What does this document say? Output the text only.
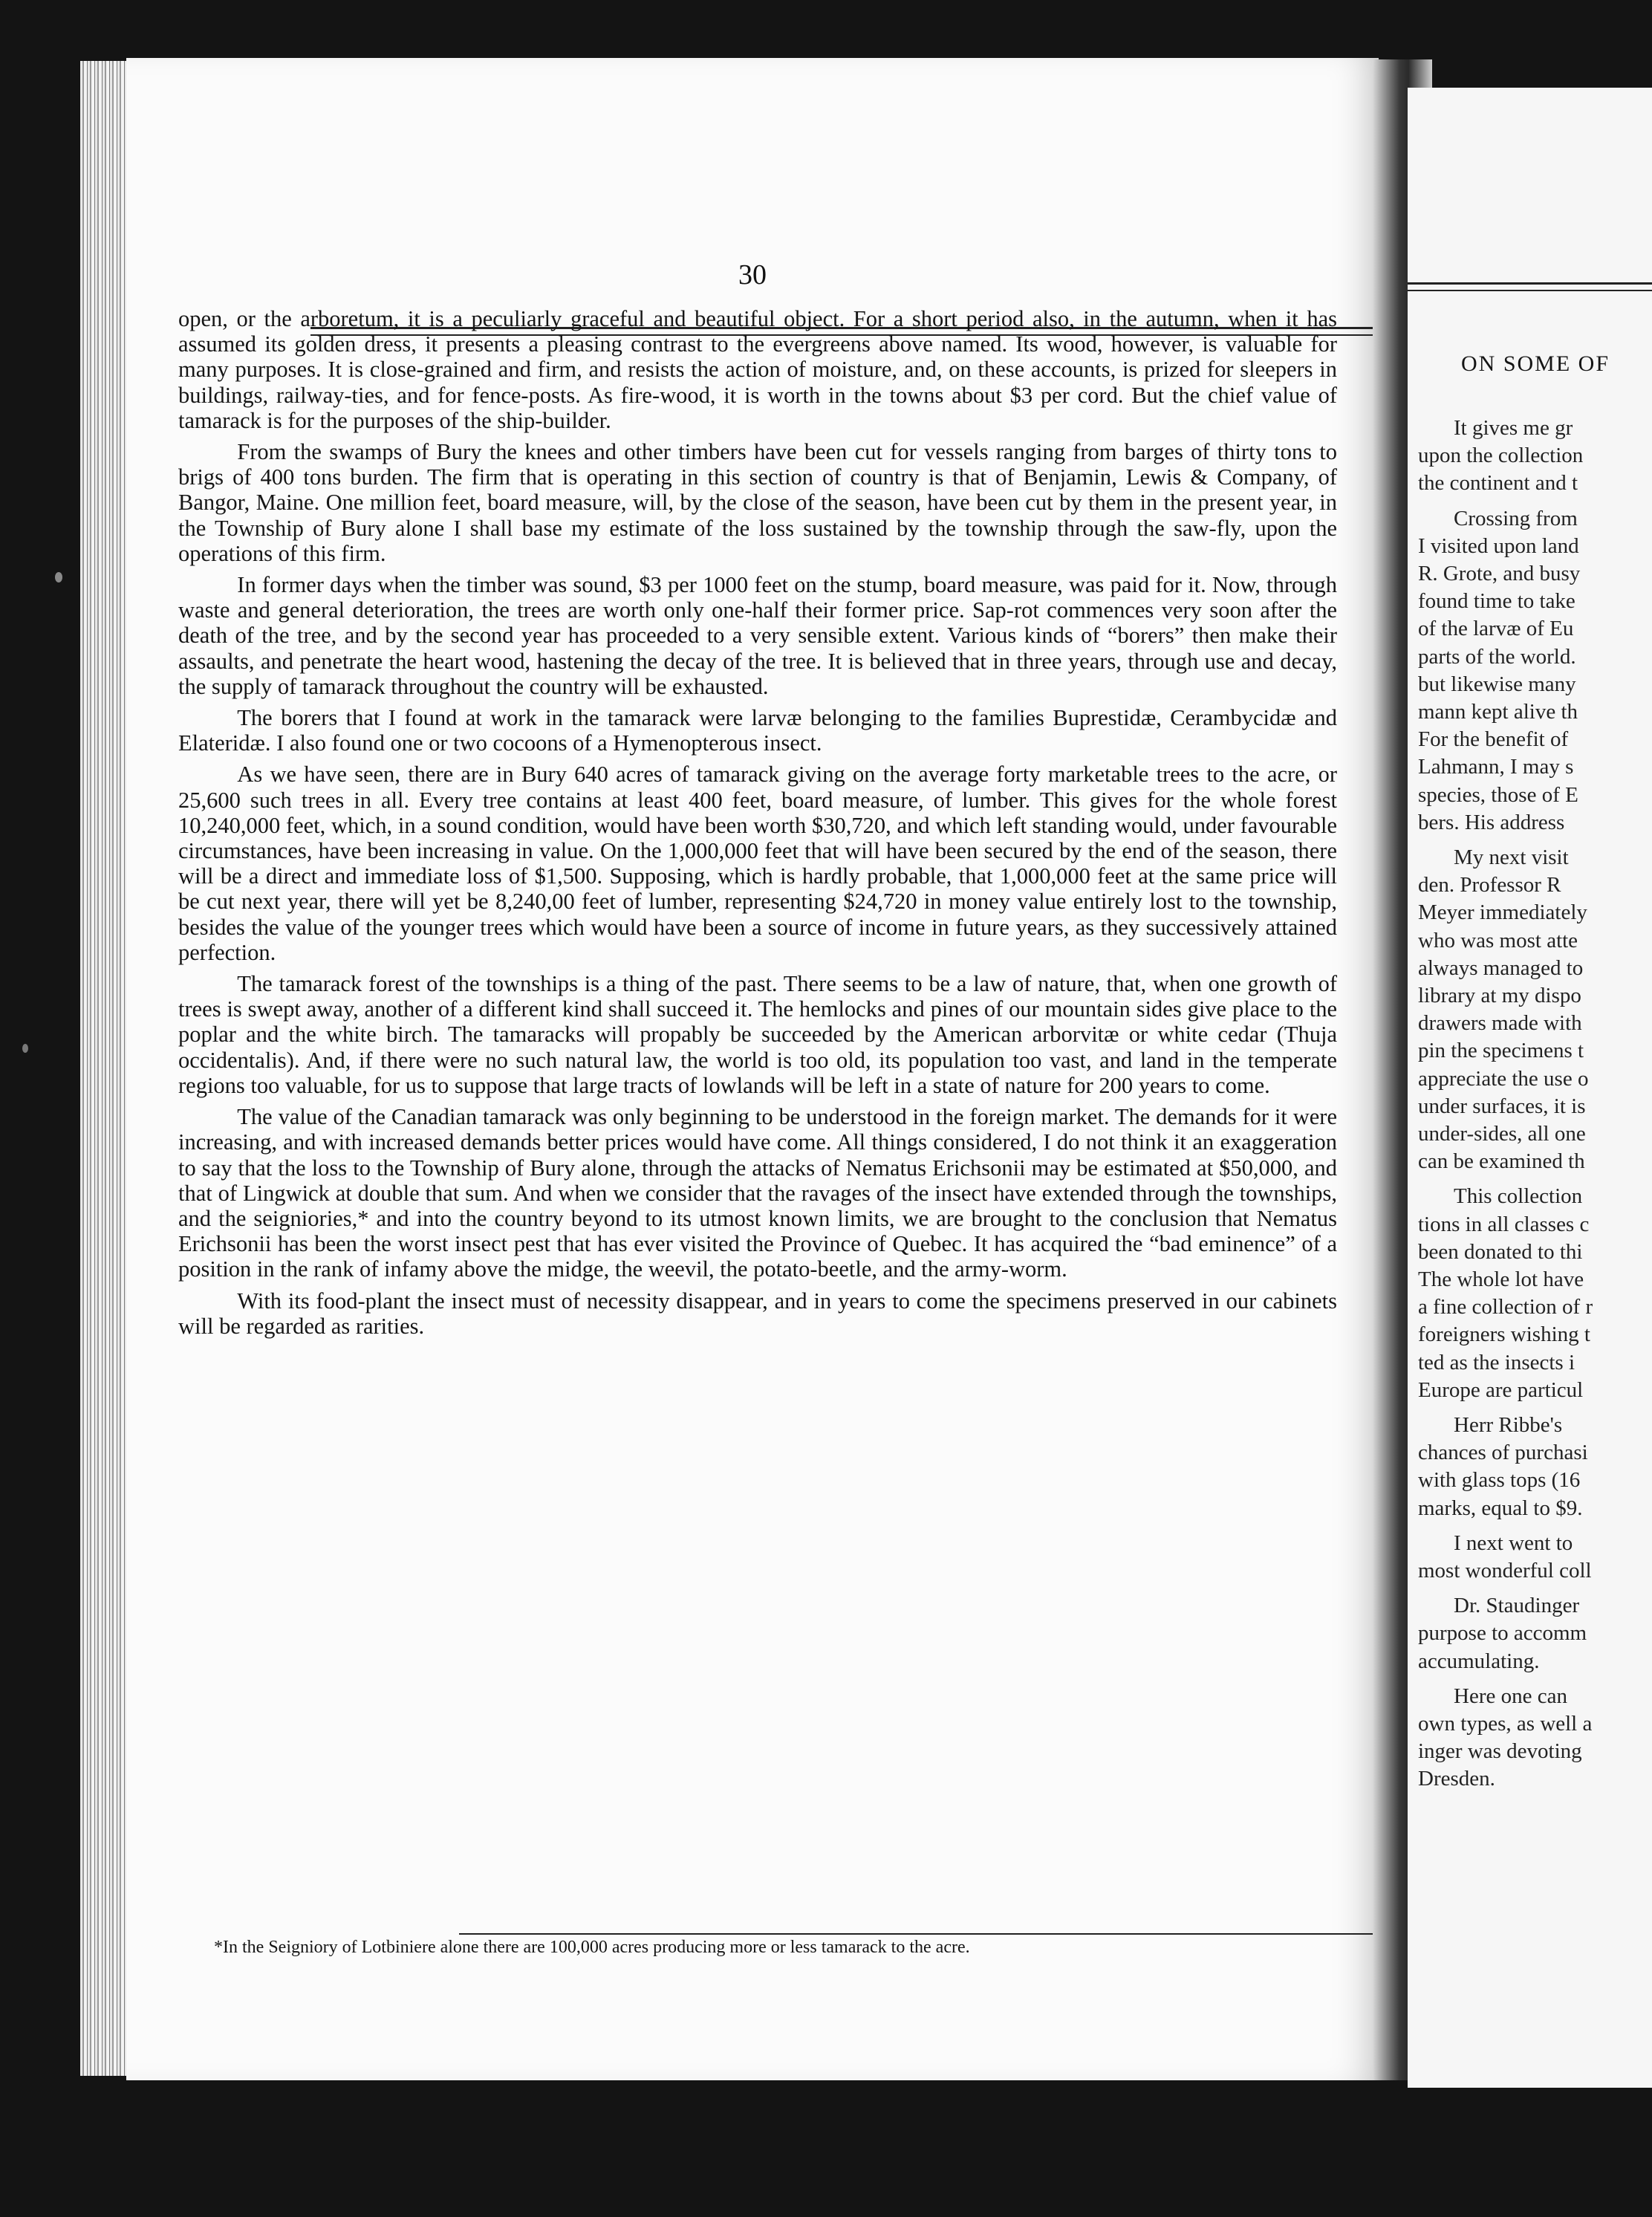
30

open, or the arboretum, it is a peculiarly graceful and beautiful object. For a short period also, in the autumn, when it has assumed its golden dress, it presents a pleasing contrast to the evergreens above named. Its wood, however, is valuable for many purposes. It is close-grained and firm, and resists the action of moisture, and, on these accounts, is prized for sleepers in buildings, railway-ties, and for fence-posts. As fire-wood, it is worth in the towns about $3 per cord. But the chief value of tamarack is for the purposes of the ship-builder.

From the swamps of Bury the knees and other timbers have been cut for vessels ranging from barges of thirty tons to brigs of 400 tons burden. The firm that is operating in this section of country is that of Benjamin, Lewis & Company, of Bangor, Maine. One million feet, board measure, will, by the close of the season, have been cut by them in the present year, in the Township of Bury alone I shall base my estimate of the loss sustained by the township through the saw-fly, upon the operations of this firm.

In former days when the timber was sound, $3 per 1000 feet on the stump, board measure, was paid for it. Now, through waste and general deterioration, the trees are worth only one-half their former price. Sap-rot commences very soon after the death of the tree, and by the second year has proceeded to a very sensible extent. Various kinds of “borers” then make their assaults, and penetrate the heart wood, hastening the decay of the tree. It is believed that in three years, through use and decay, the supply of tamarack throughout the country will be exhausted.

The borers that I found at work in the tamarack were larvæ belonging to the families Buprestidæ, Cerambycidæ and Elateridæ. I also found one or two cocoons of a Hymenopterous insect.

As we have seen, there are in Bury 640 acres of tamarack giving on the average forty marketable trees to the acre, or 25,600 such trees in all. Every tree contains at least 400 feet, board measure, of lumber. This gives for the whole forest 10,240,000 feet, which, in a sound condition, would have been worth $30,720, and which left standing would, under favourable circumstances, have been increasing in value. On the 1,000,000 feet that will have been secured by the end of the season, there will be a direct and immediate loss of $1,500. Supposing, which is hardly probable, that 1,000,000 feet at the same price will be cut next year, there will yet be 8,240,00 feet of lumber, representing $24,720 in money value entirely lost to the township, besides the value of the younger trees which would have been a source of income in future years, as they successively attained perfection.

The tamarack forest of the townships is a thing of the past. There seems to be a law of nature, that, when one growth of trees is swept away, another of a different kind shall succeed it. The hemlocks and pines of our mountain sides give place to the poplar and the white birch. The tamaracks will propably be succeeded by the American arborvitæ or white cedar (Thuja occidentalis). And, if there were no such natural law, the world is too old, its population too vast, and land in the temperate regions too valuable, for us to suppose that large tracts of lowlands will be left in a state of nature for 200 years to come.

The value of the Canadian tamarack was only beginning to be understood in the foreign market. The demands for it were increasing, and with increased demands better prices would have come. All things considered, I do not think it an exaggeration to say that the loss to the Township of Bury alone, through the attacks of Nematus Erichsonii may be estimated at $50,000, and that of Lingwick at double that sum. And when we consider that the ravages of the insect have extended through the townships, and the seigniories,* and into the country beyond to its utmost known limits, we are brought to the conclusion that Nematus Erichsonii has been the worst insect pest that has ever visited the Province of Quebec. It has acquired the “bad eminence” of a position in the rank of infamy above the midge, the weevil, the potato-beetle, and the army-worm.

With its food-plant the insect must of necessity disappear, and in years to come the specimens preserved in our cabinets will be regarded as rarities.

*In the Seigniory of Lotbiniere alone there are 100,000 acres producing more or less tamarack to the acre.
ON SOME OF
It gives me gr
upon the collection
the continent and t
Crossing from
I visited upon land
R. Grote, and busy
found time to take
of the larvæ of Eu
parts of the world.
but likewise many
mann kept alive th
For the benefit of
Lahmann, I may s
species, those of E
bers. His address
My next visit
den. Professor R
Meyer immediately
who was most atte
always managed to
library at my dispo
drawers made with
pin the specimens t
appreciate the use o
under surfaces, it is
under-sides, all one
can be examined th
This collection
tions in all classes c
been donated to thi
The whole lot have
a fine collection of r
foreigners wishing t
ted as the insects i
Europe are particul
Herr Ribbe's
chances of purchasi
with glass tops (16
marks, equal to $9.
I next went to
most wonderful coll
Dr. Staudinger
purpose to accomm
accumulating.
Here one can
own types, as well a
inger was devoting
Dresden.
